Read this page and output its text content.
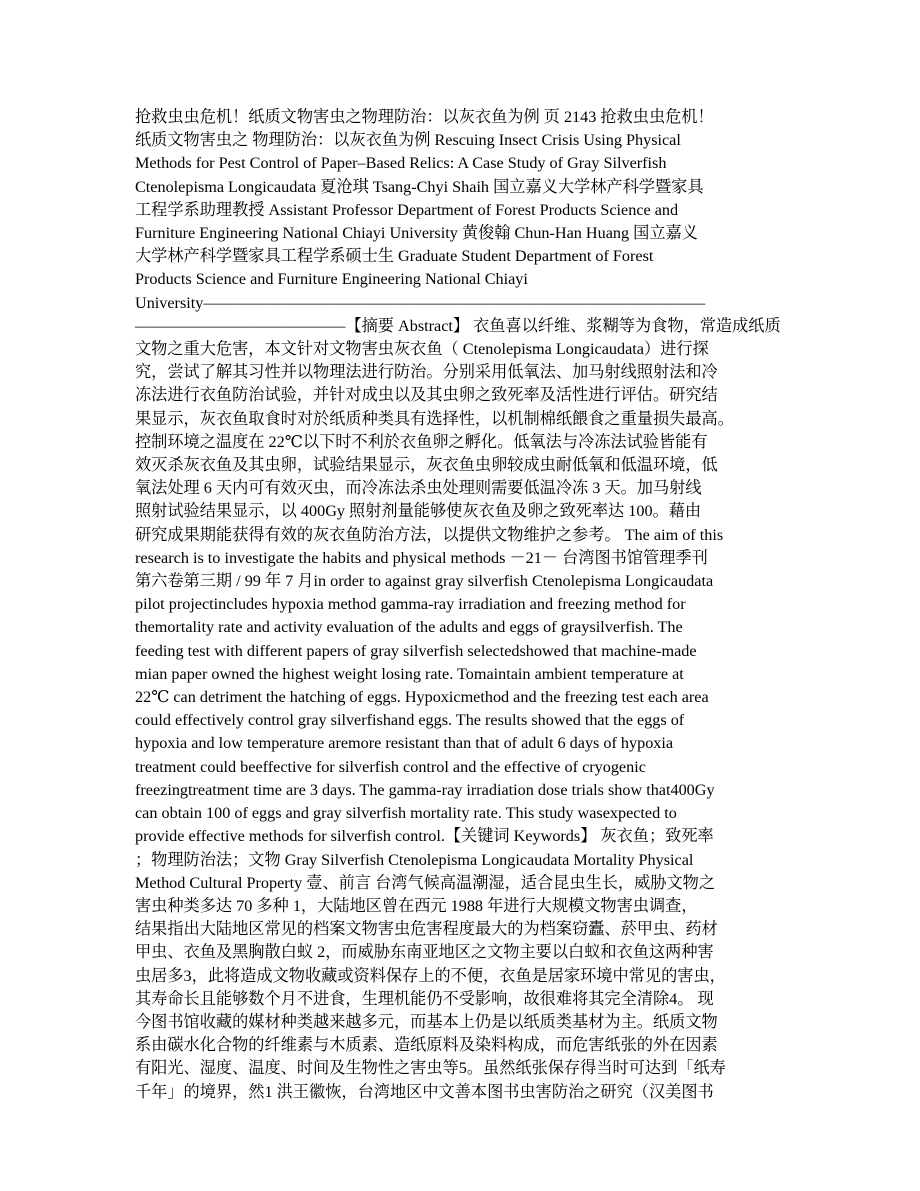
抢救虫虫危机！纸质文物害虫之物理防治：以灰衣鱼为例 页 2143 抢救虫虫危机！

纸质文物害虫之 物理防治：以灰衣鱼为例 Rescuing Insect Crisis Using Physical

Methods for Pest Control of Paper–Based Relics: A Case Study of Gray Silverfish

Ctenolepisma Longicaudata 夏沧琪 Tsang-Chyi Shaih 国立嘉义大学林产科学暨家具

工程学系助理教授 Assistant Professor Department of Forest Products Science and

Furniture Engineering National Chiayi University 黄俊翰 Chun-Han Huang 国立嘉义

大学林产科学暨家具工程学系硕士生 Graduate Student Department of Forest

Products Science and Furniture Engineering National Chiayi

University———————————————————————————————

—————————————【摘要 Abstract】 衣鱼喜以纤维、浆糊等为食物，常造成纸质

文物之重大危害，本文针对文物害虫灰衣鱼（ Ctenolepisma Longicaudata）进行探

究，尝试了解其习性并以物理法进行防治。分别采用低氧法、加马射线照射法和冷

冻法进行衣鱼防治试验，并针对成虫以及其虫卵之致死率及活性进行评估。研究结

果显示，灰衣鱼取食时对於纸质种类具有选择性，以机制棉纸餵食之重量损失最高。

控制环境之温度在 22℃以下时不利於衣鱼卵之孵化。低氧法与冷冻法试验皆能有

效灭杀灰衣鱼及其虫卵，试验结果显示，灰衣鱼虫卵较成虫耐低氧和低温环境，低

氧法处理 6 天内可有效灭虫，而冷冻法杀虫处理则需要低温冷冻 3 天。加马射线

照射试验结果显示，以 400Gy 照射剂量能够使灰衣鱼及卵之致死率达 100。藉由

研究成果期能获得有效的灰衣鱼防治方法，以提供文物维护之参考。 The aim of this

research is to investigate the habits and physical methods －21－ 台湾图书馆管理季刊

第六卷第三期 / 99 年 7 月in order to against gray silverfish Ctenolepisma Longicaudata

pilot projectincludes hypoxia method gamma-ray irradiation and freezing method for

themortality rate and activity evaluation of the adults and eggs of graysilverfish. The

feeding test with different papers of gray silverfish selectedshowed that machine-made

mian paper owned the highest weight losing rate. Tomaintain ambient temperature at

22℃ can detriment the hatching of eggs. Hypoxicmethod and the freezing test each area

could effectively control gray silverfishand eggs. The results showed that the eggs of

hypoxia and low temperature aremore resistant than that of adult 6 days of hypoxia

treatment could beeffective for silverfish control and the effective of cryogenic

freezingtreatment time are 3 days. The gamma-ray irradiation dose trials show that400Gy

can obtain 100 of eggs and gray silverfish mortality rate. This study wasexpected to

provide effective methods for silverfish control.【关键词 Keywords】 灰衣鱼；致死率

；物理防治法；文物 Gray Silverfish Ctenolepisma Longicaudata Mortality Physical

Method Cultural Property 壹、前言 台湾气候高温潮湿，适合昆虫生长，威胁文物之

害虫种类多达 70 多种 1，大陆地区曾在西元 1988 年进行大规模文物害虫调查，

结果指出大陆地区常见的档案文物害虫危害程度最大的为档案窃蠹、菸甲虫、药材

甲虫、衣鱼及黑胸散白蚁 2，而威胁东南亚地区之文物主要以白蚁和衣鱼这两种害

虫居多3，此将造成文物收藏或资料保存上的不便，衣鱼是居家环境中常见的害虫，

其寿命长且能够数个月不进食，生理机能仍不受影响，故很难将其完全清除4。 现

今图书馆收藏的媒材种类越来越多元，而基本上仍是以纸质类基材为主。纸质文物

系由碳水化合物的纤维素与木质素、造纸原料及染料构成，而危害纸张的外在因素

有阳光、湿度、温度、时间及生物性之害虫等5。虽然纸张保存得当时可达到「纸寿

千年」的境界，然1 洪王徽恢，台湾地区中文善本图书虫害防治之研究（汉美图书
